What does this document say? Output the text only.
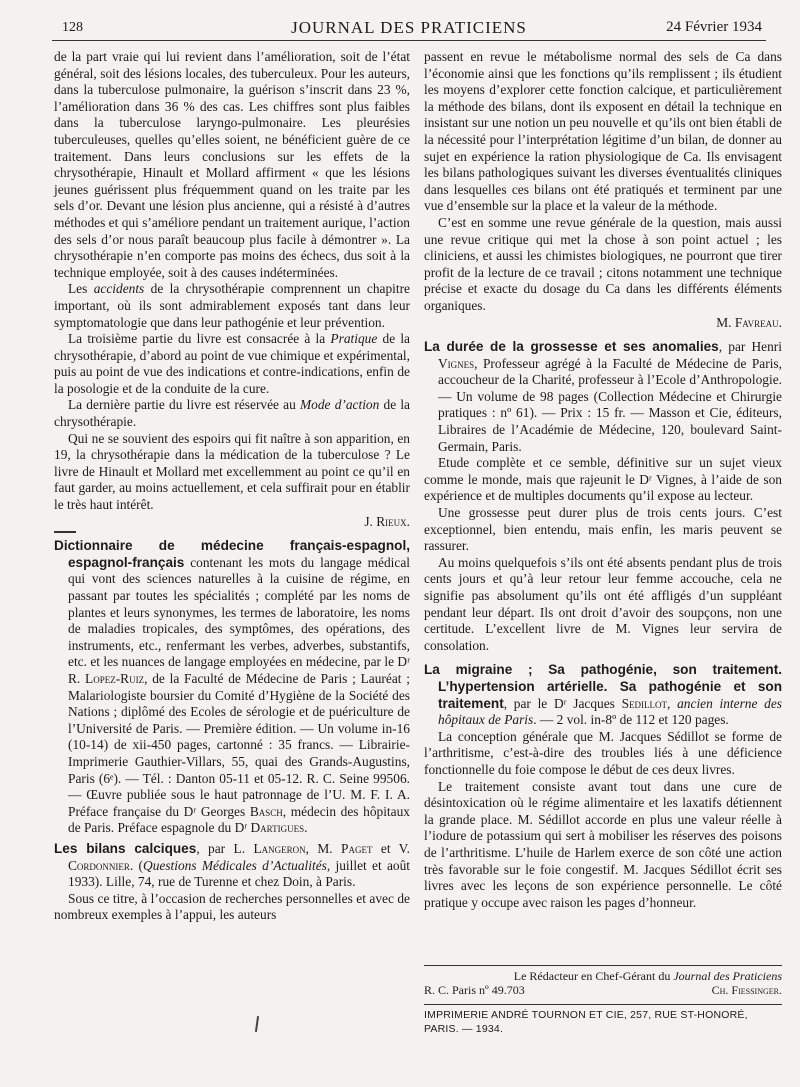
128	JOURNAL DES PRATICIENS	24 Février 1934

de la part vraie qui lui revient dans l’amélioration, soit de l’état général, soit des lésions locales, des tuberculeux. Pour les auteurs, dans la tuberculose pulmonaire, la guérison s’inscrit dans 23 %, l’amélioration dans 36 % des cas. Les chiffres sont plus faibles dans la tuberculose laryngo-pulmonaire. Les pleurésies tuberculeuses, quelles qu’elles soient, ne bénéficient guère de ce traitement. Dans leurs conclusions sur les effets de la chrysothérapie, Hinault et Mollard affirment « que les lésions jeunes guérissent plus fréquemment quand on les traite par les sels d’or. Devant une lésion plus ancienne, qui a résisté à d’autres méthodes et qui s’améliore pendant un traitement aurique, l’action des sels d’or nous paraît beaucoup plus facile à démontrer ». La chrysothérapie n’en comporte pas moins des échecs, dus soit à la technique employée, soit à des causes indéterminées.

Les accidents de la chrysothérapie comprennent un chapitre important, où ils sont admirablement exposés tant dans leur symptomatologie que dans leur pathogénie et leur prévention.

La troisième partie du livre est consacrée à la Pratique de la chrysothérapie, d’abord au point de vue chimique et expérimental, puis au point de vue des indications et contre-indications, enfin de la posologie et de la conduite de la cure.

La dernière partie du livre est réservée au Mode d’action de la chrysothérapie.

Qui ne se souvient des espoirs qui fit naître à son apparition, en 19, la chrysothérapie dans la médication de la tuberculose ? Le livre de Hinault et Mollard met excellemment au point ce qu’il en faut garder, au moins actuellement, et cela suffirait pour en établir le très haut intérêt.

J. Rieux.

Dictionnaire de médecine français-espagnol, espagnol-français contenant les mots du langage médical qui vont des sciences naturelles à la cuisine de régime, en passant par toutes les spécialités ; complété par les noms de plantes et leurs synonymes, les termes de laboratoire, les noms de maladies tropicales, des symptômes, des opérations, des instruments, etc., renfermant les verbes, adverbes, substantifs, etc. et les nuances de langage employées en médecine, par le Dʳ R. Lopez-Ruiz, de la Faculté de Médecine de Paris ; Lauréat ; Malariologiste boursier du Comité d’Hygiène de la Société des Nations ; diplômé des Ecoles de sérologie et de puériculture de l’Université de Paris. — Première édition. — Un volume in-16 (10-14) de xii-450 pages, cartonné : 35 francs. — Librairie-Imprimerie Gauthier-Villars, 55, quai des Grands-Augustins, Paris (6ᵉ). — Tél. : Danton 05-11 et 05-12. R. C. Seine 99506. — Œuvre publiée sous le haut patronnage de l’U. M. F. I. A. Préface française du Dʳ Georges Basch, médecin des hôpitaux de Paris. Préface espagnole du Dʳ Dartigues.

Les bilans calciques, par L. Langeron, M. Paget et V. Cordonnier. (Questions Médicales d’Actualités, juillet et août 1933). Lille, 74, rue de Turenne et chez Doin, à Paris.

Sous ce titre, à l’occasion de recherches personnelles et avec de nombreux exemples à l’appui, les auteurs

passent en revue le métabolisme normal des sels de Ca dans l’économie ainsi que les fonctions qu’ils remplissent ; ils étudient les moyens d’explorer cette fonction calcique, et particulièrement la méthode des bilans, dont ils exposent en détail la technique en insistant sur une notion un peu nouvelle et qu’ils ont bien établi de la nécessité pour l’interprétation légitime d’un bilan, de donner au sujet en expérience la ration physiologique de Ca. Ils envisagent les bilans pathologiques suivant les diverses éventualités cliniques dans lesquelles ces bilans ont été pratiqués et terminent par une vue d’ensemble sur la place et la valeur de la méthode.

C’est en somme une revue générale de la question, mais aussi une revue critique qui met la chose à son point actuel ; les cliniciens, et aussi les chimistes biologiques, ne pourront que tirer profit de la lecture de ce travail ; citons notamment une technique précise et exacte du dosage du Ca dans les différents éléments organiques.

M. Favreau.

La durée de la grossesse et ses anomalies, par Henri Vignes, Professeur agrégé à la Faculté de Médecine de Paris, accoucheur de la Charité, professeur à l’Ecole d’Anthropologie. — Un volume de 98 pages (Collection Médecine et Chirurgie pratiques : nº 61). — Prix : 15 fr. — Masson et Cie, éditeurs, Libraires de l’Académie de Médecine, 120, boulevard Saint-Germain, Paris.

Etude complète et ce semble, définitive sur un sujet vieux comme le monde, mais que rajeunit le Dʳ Vignes, à l’aide de son expérience et de multiples documents qu’il expose au lecteur.

Une grossesse peut durer plus de trois cents jours. C’est exceptionnel, bien entendu, mais enfin, les maris peuvent se rassurer.

Au moins quelquefois s’ils ont été absents pendant plus de trois cents jours et qu’à leur retour leur femme accouche, cela ne signifie pas absolument qu’ils ont été affligés d’un suppléant pendant leur départ. Ils ont droit d’avoir des soupçons, non une certitude. L’excellent livre de M. Vignes leur servira de consolation.

La migraine ; Sa pathogénie, son traitement. L’hypertension artérielle. Sa pathogénie et son traitement, par le Dʳ Jacques Sedillot, ancien interne des hôpitaux de Paris. — 2 vol. in-8º de 112 et 120 pages.

La conception générale que M. Jacques Sédillot se forme de l’arthritisme, c’est-à-dire des troubles liés à une déficience fonctionnelle du foie compose le début de ces deux livres.

Le traitement consiste avant tout dans une cure de désintoxication où le régime alimentaire et les laxatifs détiennent la grande place. M. Sédillot accorde en plus une valeur réelle à l’iodure de potassium qui sert à mobiliser les réserves des poisons de l’arthritisme. L’huile de Harlem exerce de son côté une action très favorable sur le foie congestif. M. Jacques Sédillot écrit ses livres avec les leçons de son expérience personnelle. Le côté pratique y occupe avec raison les pages d’honneur.

Le Rédacteur en Chef-Gérant du Journal des Praticiens
R. C. Paris nº 49.703	Ch. Fiessinger.
IMPRIMERIE ANDRÉ TOURNON ET CIE, 257, RUE ST-HONORÉ, PARIS. — 1934.
